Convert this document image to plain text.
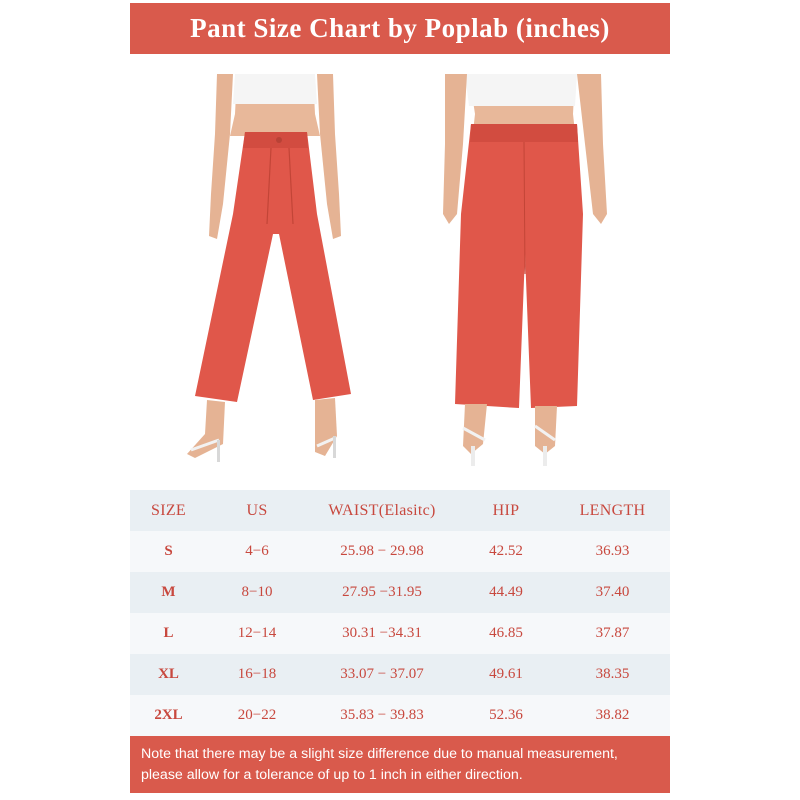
Pant Size Chart by Poplab (inches)
SIZE	US	WAIST(Elasitc)	HIP	LENGTH
S	4−6	25.98 − 29.98	42.52	36.93
M	8−10	27.95 −31.95	44.49	37.40
L	12−14	30.31 −34.31	46.85	37.87
XL	16−18	33.07 − 37.07	49.61	38.35
2XL	20−22	35.83 − 39.83	52.36	38.82
Note that there may be a slight size difference due to manual measurement,
please allow for a tolerance of up to 1 inch in either direction.
